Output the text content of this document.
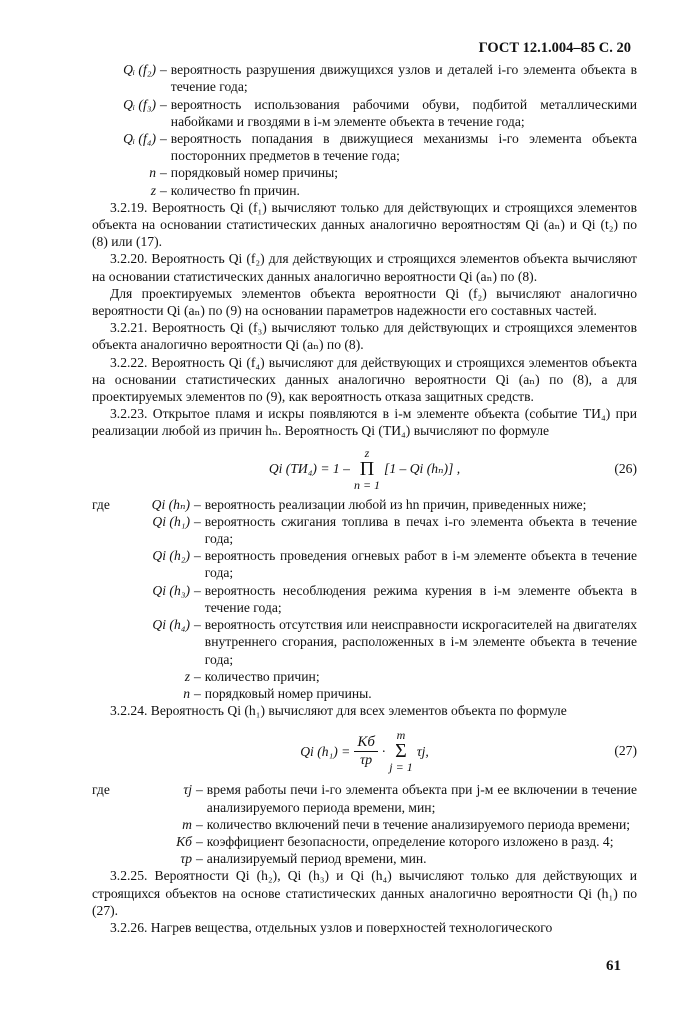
ГОСТ 12.1.004–85 С. 20
Qᵢ (f₂) – вероятность разрушения движущихся узлов и деталей i-го элемента объекта в течение года;
Qᵢ (f₃) – вероятность использования рабочими обуви, подбитой металлическими набойками и гвоздями в i-м элементе объекта в течение года;
Qᵢ (f₄) – вероятность попадания в движущиеся механизмы i-го элемента объекта посторонних предметов в течение года;
n – порядковый номер причины;
z – количество fn причин.

3.2.19. Вероятность Qi (f₁) вычисляют только для действующих и строящихся элементов объекта на основании статистических данных аналогично вероятностям Qi (aₙ) и Qi (t₂) по (8) или (17).

3.2.20. Вероятность Qi (f₂) для действующих и строящихся элементов объекта вычисляют на основании статистических данных аналогично вероятности Qi (aₙ) по (8).

Для проектируемых элементов объекта вероятности Qi (f₂) вычисляют аналогично вероятности Qi (aₙ) по (9) на основании параметров надежности его составных частей.

3.2.21. Вероятность Qi (f₃) вычисляют только для действующих и строящихся элементов объекта аналогично вероятности Qi (aₙ) по (8).

3.2.22. Вероятность Qi (f₄) вычисляют для действующих и строящихся элементов объекта на основании статистических данных аналогично вероятности Qi (aₙ) по (8), а для проектируемых элементов по (9), как вероятность отказа защитных средств.

3.2.23. Открытое пламя и искры появляются в i-м элементе объекта (событие ТИ₄) при реализации любой из причин hₙ. Вероятность Qi (ТИ₄) вычисляют по формуле

Qi (ТИ₄) = 1 –
z
Π
n = 1
[1 – Qi (hₙ)] ,	(26)
где	Qi (hₙ) – вероятность реализации любой из hn причин, приведенных ниже;
Qi (h₁) – вероятность сжигания топлива в печах i-го элемента объекта в течение года;
Qi (h₂) – вероятность проведения огневых работ в i-м элементе объекта в течение года;
Qi (h₃) – вероятность несоблюдения режима курения в i-м элементе объекта в течение года;
Qi (h₄) – вероятность отсутствия или неисправности искрогасителей на двигателях внутреннего сгорания, расположенных в i-м элементе объекта в течение года;
z – количество причин;
n – порядковый номер причины.

3.2.24. Вероятность Qi (h₁) вычисляют для всех элементов объекта по формуле

Qi $(h_1) = \frac{Кб}{\tau р}$ ·
m
Σ
j = 1
τj,	(27)
где	τj – время работы печи i-го элемента объекта при j-м ее включении в течение анализируемого периода времени, мин;
m – количество включений печи в течение анализируемого периода времени;
Кб – коэффициент безопасности, определение которого изложено в разд. 4;
τр – анализируемый период времени, мин.

3.2.25. Вероятности Qi (h₂), Qi (h₃) и Qi (h₄) вычисляют только для действующих и строящихся объектов на основе статистических данных аналогично вероятности Qi (h₁) по (27).

3.2.26. Нагрев вещества, отдельных узлов и поверхностей технологического

61
